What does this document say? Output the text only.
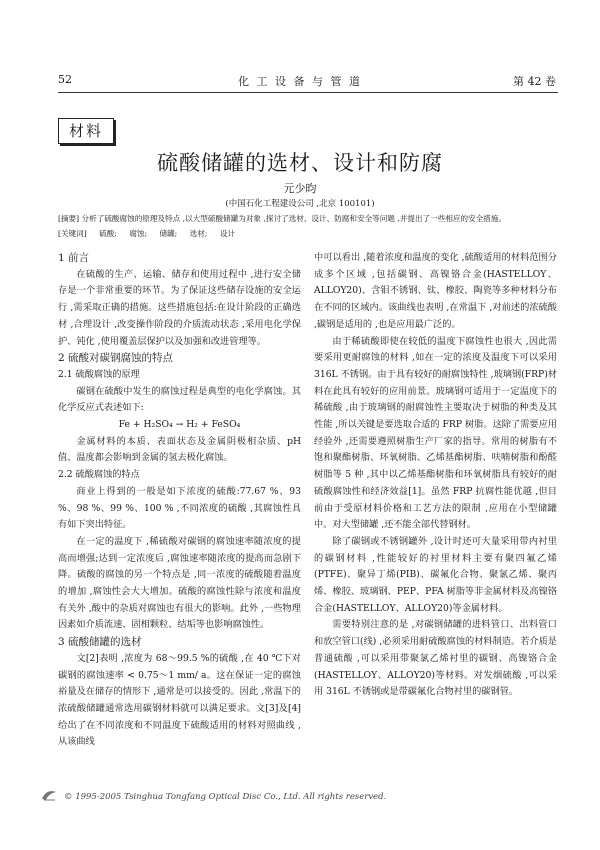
52	化 工 设 备 与 管 道	第 42 卷
材料
硫酸储罐的选材、设计和防腐
元少昀
(中国石化工程建设公司 ,北京 100101)
[摘要] 分析了硫酸腐蚀的原理及特点 ,以大型硫酸储罐为对象 ,探讨了选材、设计、防腐和安全等问题 ,并提出了一些相应的安全措施。
[关键词] 硫酸; 腐蚀; 储罐; 选材; 设计

1 前言

在硫酸的生产、运输、储存和使用过程中 ,进行安全储存是一个非常重要的环节。为了保证这些储存设施的安全运行 ,需采取正确的措施。这些措施包括:在设计阶段的正确选材 ,合理设计 ,改变操作阶段的介质流动状态 ,采用电化学保护、钝化 ,使用覆盖层保护以及加强和改进管理等。

2 硫酸对碳钢腐蚀的特点

2.1 硫酸腐蚀的原理

碳钢在硫酸中发生的腐蚀过程是典型的电化学腐蚀。其化学反应式表述如下:

Fe + H₂SO₄ → H₂ + FeSO₄

金属材料的本质、表面状态及金属阴极相杂质、pH值、温度都会影响到金属的氢去极化腐蚀。

2.2 硫酸腐蚀的特点

商业上得到的一般是如下浓度的硫酸:77.67 %、93 %、98 %、99 %、100 % ,不同浓度的硫酸 ,其腐蚀性具有如下突出特征。

在一定的温度下 ,稀硫酸对碳钢的腐蚀速率随浓度的提高而增强;达到一定浓度后 ,腐蚀速率随浓度的提高而急剧下降。硫酸的腐蚀的另一个特点是 ,同一浓度的硫酸随着温度的增加 ,腐蚀性会大大增加。硫酸的腐蚀性除与浓度和温度有关外 ,酸中的杂质对腐蚀也有很大的影响。此外 ,一些物理因素如介质流速、固相颗粒、结垢等也影响腐蚀性。

3 硫酸储罐的选材

文[2]表明 ,浓度为 68～99.5 %的硫酸 ,在 40 ℃下对碳钢的腐蚀速率 < 0.75～1 mm/ a。这在保证一定的腐蚀裕量及在储存的情形下 ,通常是可以接受的。因此 ,常温下的浓硫酸储罐通常选用碳钢材料就可以满足要求。文[3]及[4]给出了在不同浓度和不同温度下硫酸适用的材料对照曲线 ,从该曲线

中可以看出 ,随着浓度和温度的变化 ,硫酸适用的材料范围分成多个区域 ,包括碳钢、高镍铬合金(HASTELLOY、ALLOY20)、含钼不锈钢、钛、橡胶、陶瓷等多种材料分布在不同的区域内。该曲线也表明 ,在常温下 ,对前述的浓硫酸 ,碳钢是适用的 ,也是应用最广泛的。

由于稀硫酸即使在较低的温度下腐蚀性也很大 ,因此需要采用更耐腐蚀的材料 ,如在一定的浓度及温度下可以采用 316L 不锈钢。由于具有较好的耐腐蚀特性 ,玻璃钢(FRP)材料在此具有较好的应用前景。玻璃钢可适用于一定温度下的稀硫酸 ,由于玻璃钢的耐腐蚀性主要取决于树脂的种类及其性能 ,所以关键是要选取合适的 FRP 树脂。这除了需要应用经验外 ,还需要遵照树脂生产厂家的指导。常用的树脂有不饱和聚酯树脂、环氧树脂、乙烯基酯树脂、呋喃树脂和酚醛树脂等 5 种 ,其中以乙烯基酯树脂和环氧树脂具有较好的耐硫酸腐蚀性和经济效益[1]。虽然 FRP 抗腐性能优越 ,但目前由于受原材料价格和工艺方法的限制 ,应用在小型储罐中。对大型储罐 ,还不能全部代替钢材。

除了碳钢或不锈钢罐外 ,设计时还可大量采用带内衬里的碳钢材料 ,性能较好的衬里材料主要有聚四氟乙烯(PTFE)、聚异丁烯(PIB)、碳氟化合物、聚氯乙烯、聚丙烯、橡胶、玻璃钢、PEP、PFA 树脂等非金属材料及高镍铬合金(HASTELLOY、ALLOY20)等金属材料。

需要特别注意的是 ,对碳钢储罐的进料管口、出料管口和放空管口(线) ,必须采用耐硫酸腐蚀的材料制造。若介质是普通硫酸 ,可以采用带聚氯乙烯衬里的碳钢、高镍铬合金(HASTELLOY、ALLOY20)等材料。对发烟硫酸 ,可以采用 316L 不锈钢或是带碳氟化合物衬里的碳钢管。

© 1995-2005 Tsinghua Tongfang Optical Disc Co., Ltd. All rights reserved.
